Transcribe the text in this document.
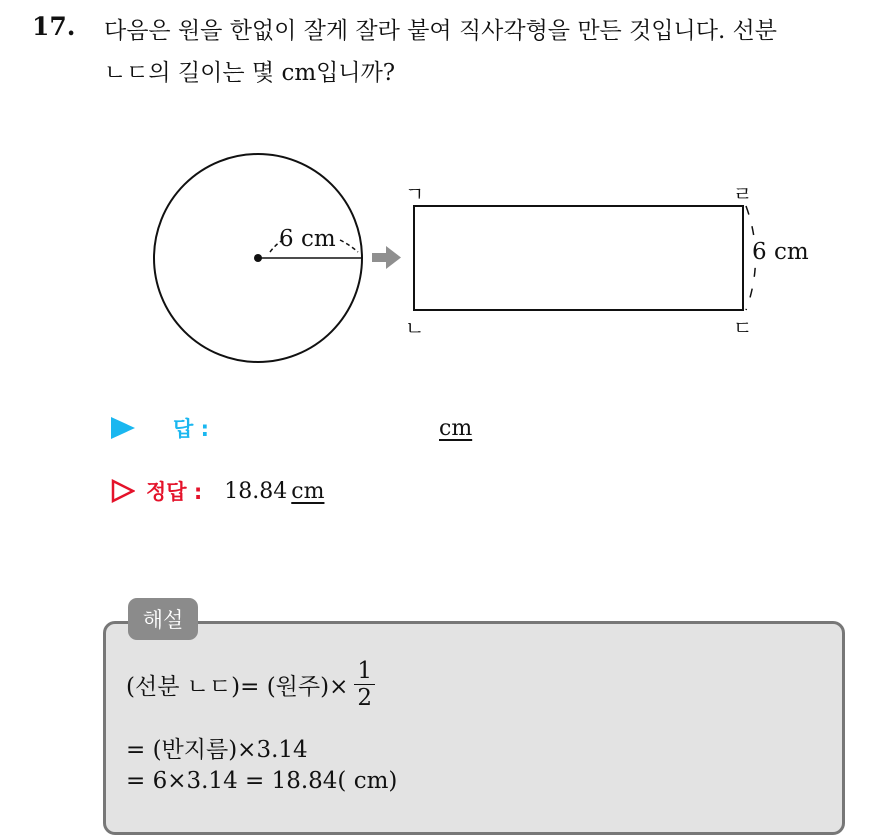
17. 다음은 원을 한없이 잘게 잘라 붙여 직사각형을 만든 것입니다. 선분
ㄴㄷ의 길이는 몇 cm입니까?
6 cm	6 cm
ㄱ
ㄴ	ㄷ
ㄹ
답 :	cm
정답 : 18.84 cm
해설
(선분 ㄴㄷ)= (원주)× $\frac{1}{2}$
= (반지름)×3.14
= 6×3.14 = 18.84( cm)
